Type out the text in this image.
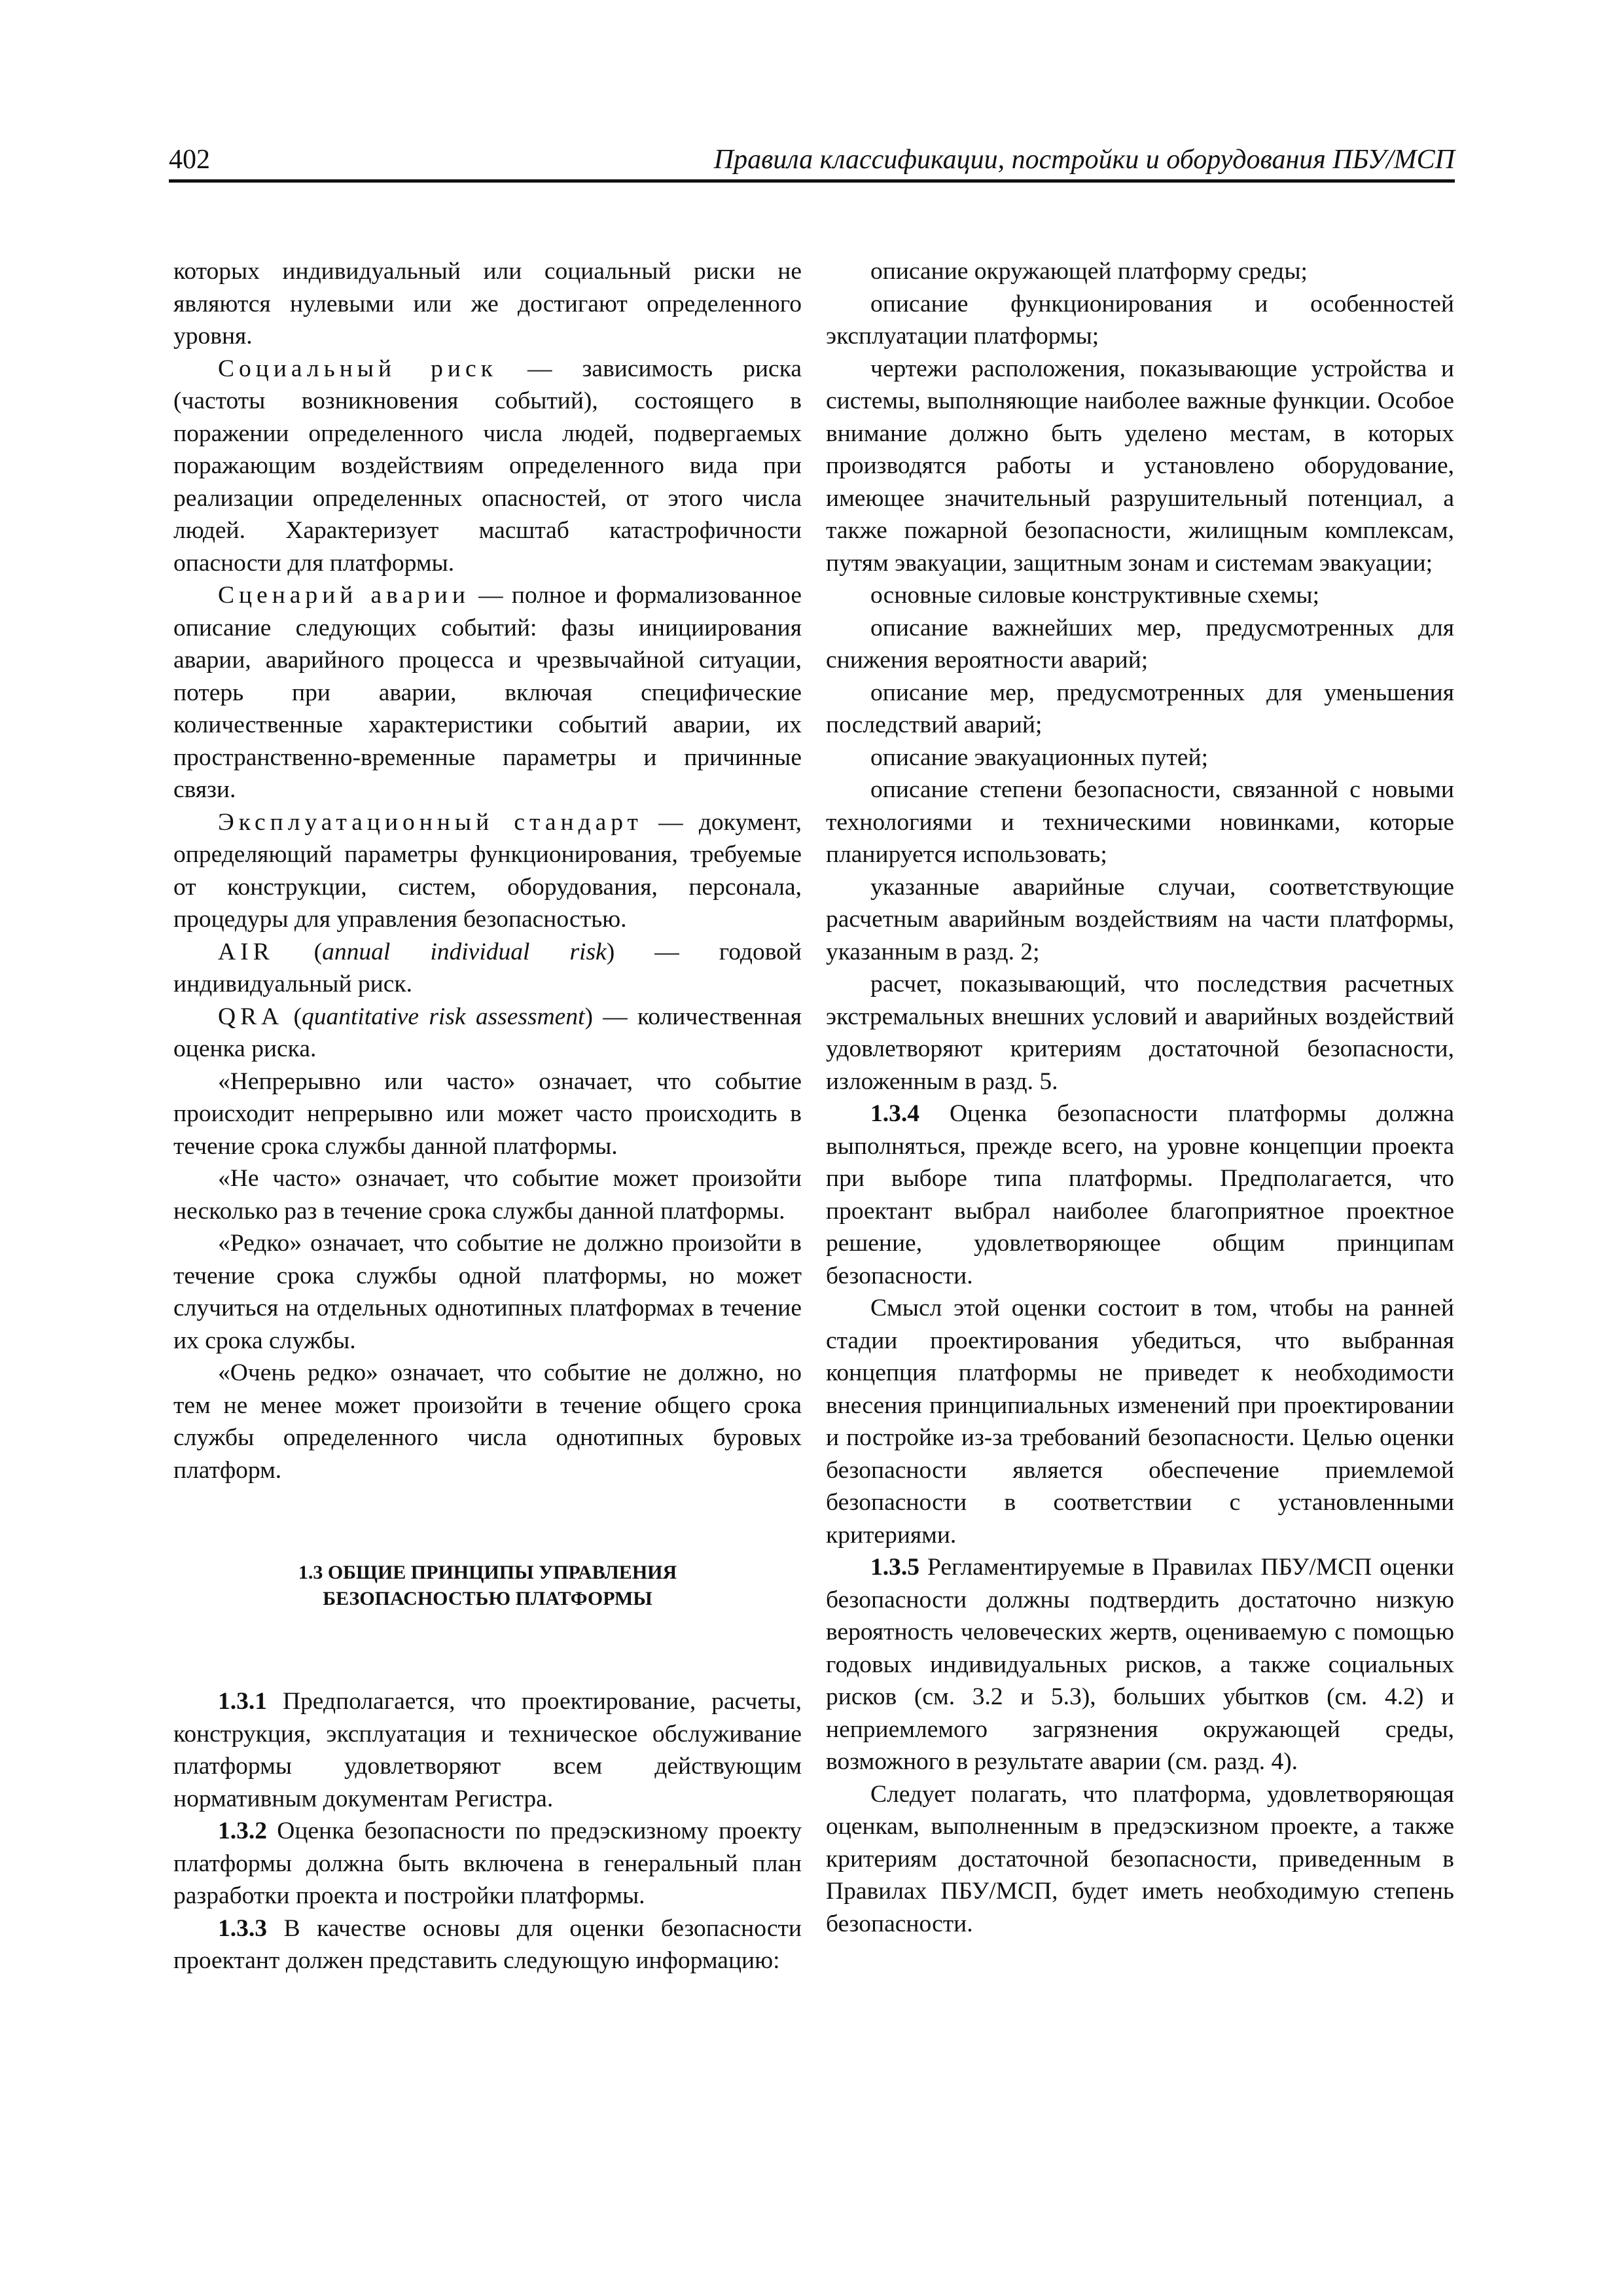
402	Правила классификации, постройки и оборудования ПБУ/МСП

которых индивидуальный или социальный риски не являются нулевыми или же достигают определенного уровня.

Социальный риск — зависимость риска (частоты возникновения событий), состоящего в поражении определенного числа людей, подвергаемых поражающим воздействиям определенного вида при реализации определенных опасностей, от этого числа людей. Характеризует масштаб катастрофичности опасности для платформы.

Сценарий аварии — полное и формализованное описание следующих событий: фазы инициирования аварии, аварийного процесса и чрезвычайной ситуации, потерь при аварии, включая специфические количественные характеристики событий аварии, их пространственно-временные параметры и причинные связи.

Эксплуатационный стандарт — документ, определяющий параметры функционирования, требуемые от конструкции, систем, оборудования, персонала, процедуры для управления безопасностью.

AIR (annual individual risk) — годовой индивидуальный риск.

QRA (quantitative risk assessment) — количественная оценка риска.

«Непрерывно или часто» означает, что событие происходит непрерывно или может часто происходить в течение срока службы данной платформы.

«Не часто» означает, что событие может произойти несколько раз в течение срока службы данной платформы.

«Редко» означает, что событие не должно произойти в течение срока службы одной платформы, но может случиться на отдельных однотипных платформах в течение их срока службы.

«Очень редко» означает, что событие не должно, но тем не менее может произойти в течение общего срока службы определенного числа однотипных буровых платформ.

1.3 ОБЩИЕ ПРИНЦИПЫ УПРАВЛЕНИЯ
БЕЗОПАСНОСТЬЮ ПЛАТФОРМЫ

1.3.1 Предполагается, что проектирование, расчеты, конструкция, эксплуатация и техническое обслуживание платформы удовлетворяют всем действующим нормативным документам Регистра.

1.3.2 Оценка безопасности по предэскизному проекту платформы должна быть включена в генеральный план разработки проекта и постройки платформы.

1.3.3 В качестве основы для оценки безопасности проектант должен представить следующую информацию:

описание окружающей платформу среды;

описание функционирования и особенностей эксплуатации платформы;

чертежи расположения, показывающие устройства и системы, выполняющие наиболее важные функции. Особое внимание должно быть уделено местам, в которых производятся работы и установлено оборудование, имеющее значительный разрушительный потенциал, а также пожарной безопасности, жилищным комплексам, путям эвакуации, защитным зонам и системам эвакуации;

основные силовые конструктивные схемы;

описание важнейших мер, предусмотренных для снижения вероятности аварий;

описание мер, предусмотренных для уменьшения последствий аварий;

описание эвакуационных путей;

описание степени безопасности, связанной с новыми технологиями и техническими новинками, которые планируется использовать;

указанные аварийные случаи, соответствующие расчетным аварийным воздействиям на части платформы, указанным в разд. 2;

расчет, показывающий, что последствия расчетных экстремальных внешних условий и аварийных воздействий удовлетворяют критериям достаточной безопасности, изложенным в разд. 5.

1.3.4 Оценка безопасности платформы должна выполняться, прежде всего, на уровне концепции проекта при выборе типа платформы. Предполагается, что проектант выбрал наиболее благоприятное проектное решение, удовлетворяющее общим принципам безопасности.

Смысл этой оценки состоит в том, чтобы на ранней стадии проектирования убедиться, что выбранная концепция платформы не приведет к необходимости внесения принципиальных изменений при проектировании и постройке из-за требований безопасности. Целью оценки безопасности является обеспечение приемлемой безопасности в соответствии с установленными критериями.

1.3.5 Регламентируемые в Правилах ПБУ/МСП оценки безопасности должны подтвердить достаточно низкую вероятность человеческих жертв, оцениваемую с помощью годовых индивидуальных рисков, а также социальных рисков (см. 3.2 и 5.3), больших убытков (см. 4.2) и неприемлемого загрязнения окружающей среды, возможного в результате аварии (см. разд. 4).

Следует полагать, что платформа, удовлетворяющая оценкам, выполненным в предэскизном проекте, а также критериям достаточной безопасности, приведенным в Правилах ПБУ/МСП, будет иметь необходимую степень безопасности.
